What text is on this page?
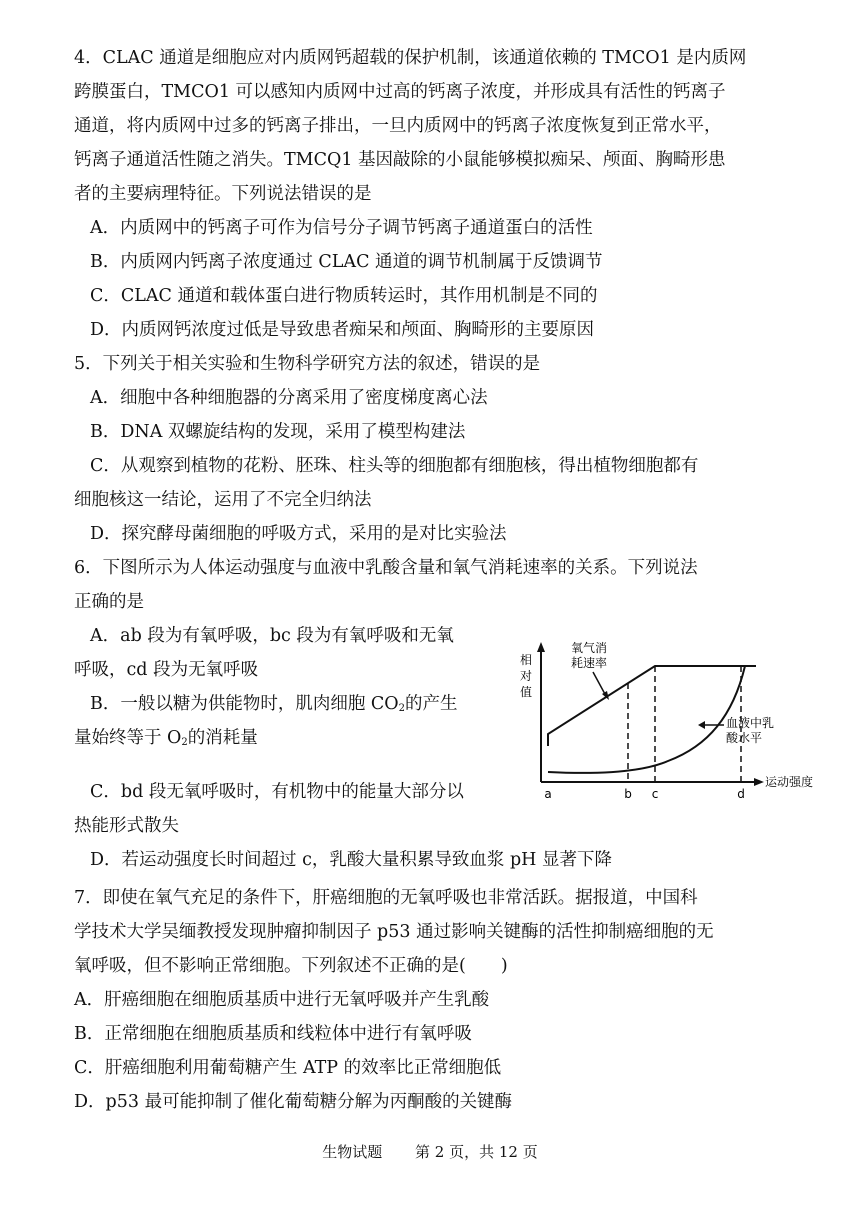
4．CLAC 通道是细胞应对内质网钙超载的保护机制，该通道依赖的 TMCO1 是内质网
跨膜蛋白，TMCO1 可以感知内质网中过高的钙离子浓度，并形成具有活性的钙离子
通道，将内质网中过多的钙离子排出，一旦内质网中的钙离子浓度恢复到正常水平，
钙离子通道活性随之消失。TMCQ1 基因敲除的小鼠能够模拟痴呆、颅面、胸畸形患
者的主要病理特征。下列说法错误的是
A．内质网中的钙离子可作为信号分子调节钙离子通道蛋白的活性
B．内质网内钙离子浓度通过 CLAC 通道的调节机制属于反馈调节
C．CLAC 通道和载体蛋白进行物质转运时，其作用机制是不同的
D．内质网钙浓度过低是导致患者痴呆和颅面、胸畸形的主要原因
5．下列关于相关实验和生物科学研究方法的叙述，错误的是
A．细胞中各种细胞器的分离采用了密度梯度离心法
B．DNA 双螺旋结构的发现，采用了模型构建法
C．从观察到植物的花粉、胚珠、柱头等的细胞都有细胞核，得出植物细胞都有
细胞核这一结论，运用了不完全归纳法
D．探究酵母菌细胞的呼吸方式，采用的是对比实验法
6．下图所示为人体运动强度与血液中乳酸含量和氧气消耗速率的关系。下列说法
正确的是
A．ab 段为有氧呼吸，bc 段为有氧呼吸和无氧
呼吸，cd 段为无氧呼吸
B．一般以糖为供能物时，肌肉细胞 $CO_2$的产生
量始终等于 $O_2$的消耗量
C．bd 段无氧呼吸时，有机物中的能量大部分以
热能形式散失
D．若运动强度长时间超过 c，乳酸大量积累导致血浆 pH 显著下降
7．即使在氧气充足的条件下，肝癌细胞的无氧呼吸也非常活跃。据报道，中国科
学技术大学吴缅教授发现肿瘤抑制因子 p53 通过影响关键酶的活性抑制癌细胞的无
氧呼吸，但不影响正常细胞。下列叙述不正确的是(　　)
A．肝癌细胞在细胞质基质中进行无氧呼吸并产生乳酸
B．正常细胞在细胞质基质和线粒体中进行有氧呼吸
C．肝癌细胞利用葡萄糖产生 ATP 的效率比正常细胞低
D．p53 最可能抑制了催化葡萄糖分解为丙酮酸的关键酶
相
对
值
运动强度
氧气消
耗速率
血液中乳
酸水平
a	b c	d
生物试题 第 2 页，共 12 页
